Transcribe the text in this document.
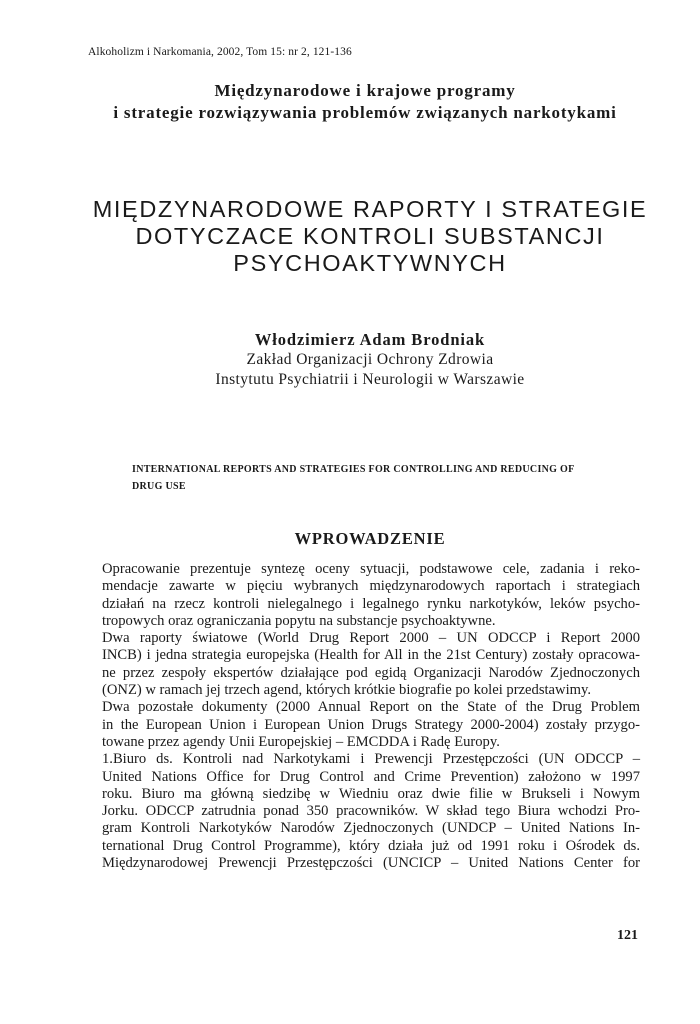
Alkoholizm i Narkomania, 2002, Tom 15: nr 2, 121-136
Międzynarodowe i krajowe programy
i strategie rozwiązywania problemów związanych narkotykami
MIĘDZYNARODOWE RAPORTY I STRATEGIE
DOTYCZACE KONTROLI SUBSTANCJI
PSYCHOAKTYWNYCH
Włodzimierz Adam Brodniak
Zakład Organizacji Ochrony Zdrowia
Instytutu Psychiatrii i Neurologii w Warszawie
INTERNATIONAL REPORTS AND STRATEGIES FOR CONTROLLING AND REDUCING OF
DRUG USE
WPROWADZENIE

Opracowanie prezentuje syntezę oceny sytuacji, podstawowe cele, zadania i reko-
mendacje zawarte w pięciu wybranych międzynarodowych raportach i strategiach
działań na rzecz kontroli nielegalnego i legalnego rynku narkotyków, leków psycho-
tropowych oraz ograniczania popytu na substancje psychoaktywne.

Dwa raporty światowe (World Drug Report 2000 – UN ODCCP i Report 2000
INCB) i jedna strategia europejska (Health for All in the 21st Century) zostały opracowa-
ne przez zespoły ekspertów działające pod egidą Organizacji Narodów Zjednoczonych
(ONZ) w ramach jej trzech agend, których krótkie biografie po kolei przedstawimy.

Dwa pozostałe dokumenty (2000 Annual Report on the State of the Drug Problem
in the European Union i European Union Drugs Strategy 2000-2004) zostały przygo-
towane przez agendy Unii Europejskiej – EMCDDA i Radę Europy.

1.Biuro ds. Kontroli nad Narkotykami i Prewencji Przestępczości (UN ODCCP –
United Nations Office for Drug Control and Crime Prevention) założono w 1997
roku. Biuro ma główną siedzibę w Wiedniu oraz dwie filie w Brukseli i Nowym
Jorku. ODCCP zatrudnia ponad 350 pracowników. W skład tego Biura wchodzi Pro-
gram Kontroli Narkotyków Narodów Zjednoczonych (UNDCP – United Nations In-
ternational Drug Control Programme), który działa już od 1991 roku i Ośrodek ds.
Międzynarodowej Prewencji Przestępczości (UNCICP – United Nations Center for

121
